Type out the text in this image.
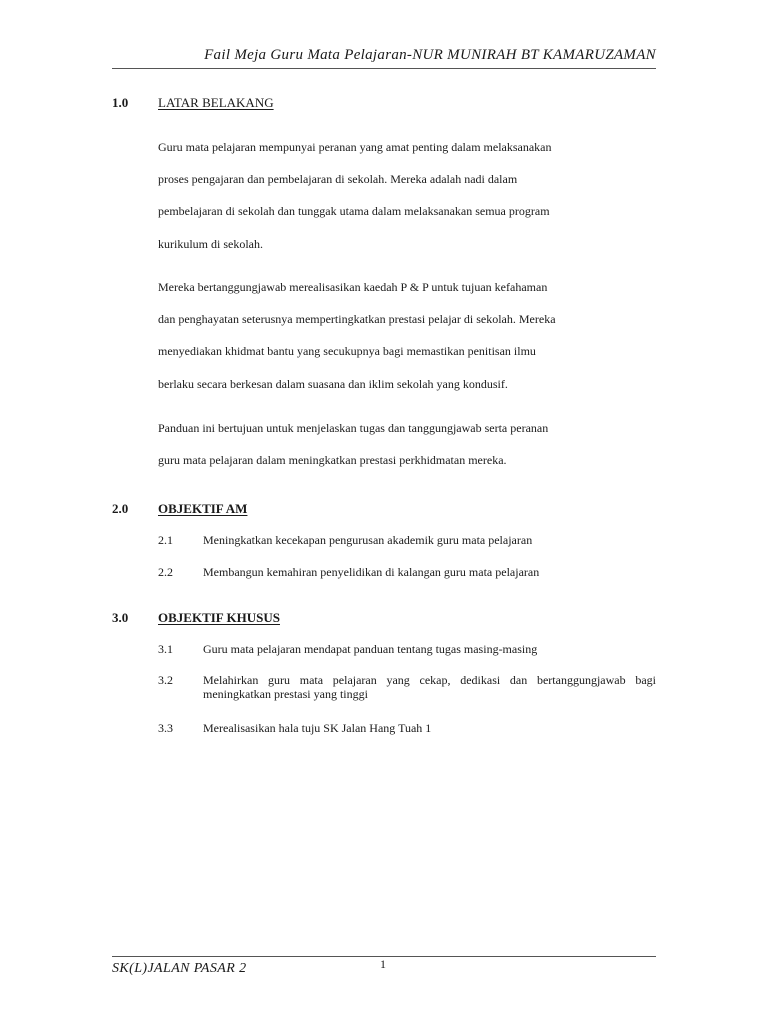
Fail Meja Guru Mata Pelajaran-NUR MUNIRAH BT KAMARUZAMAN
1.0 LATAR BELAKANG
Guru mata pelajaran mempunyai peranan yang amat penting dalam melaksanakan
proses pengajaran dan pembelajaran di sekolah. Mereka adalah nadi dalam
pembelajaran di sekolah dan tunggak utama dalam melaksanakan semua program
kurikulum di sekolah.
Mereka bertanggungjawab merealisasikan kaedah P & P untuk tujuan kefahaman
dan penghayatan seterusnya mempertingkatkan prestasi pelajar di sekolah. Mereka
menyediakan khidmat bantu yang secukupnya bagi memastikan penitisan ilmu
berlaku secara berkesan dalam suasana dan iklim sekolah yang kondusif.
Panduan ini bertujuan untuk menjelaskan tugas dan tanggungjawab serta peranan
guru mata pelajaran dalam meningkatkan prestasi perkhidmatan mereka.
2.0 OBJEKTIF AM
2.1	Meningkatkan kecekapan pengurusan akademik guru mata pelajaran
2.2	Membangun kemahiran penyelidikan di kalangan guru mata pelajaran
3.0 OBJEKTIF KHUSUS
3.1	Guru mata pelajaran mendapat panduan tentang tugas masing-masing
3.2	Melahirkan guru mata pelajaran yang cekap, dedikasi dan bertanggungjawab bagi meningkatkan prestasi yang tinggi
3.3	Merealisasikan hala tuju SK Jalan Hang Tuah 1
SK(L)JALAN PASAR 2	1
